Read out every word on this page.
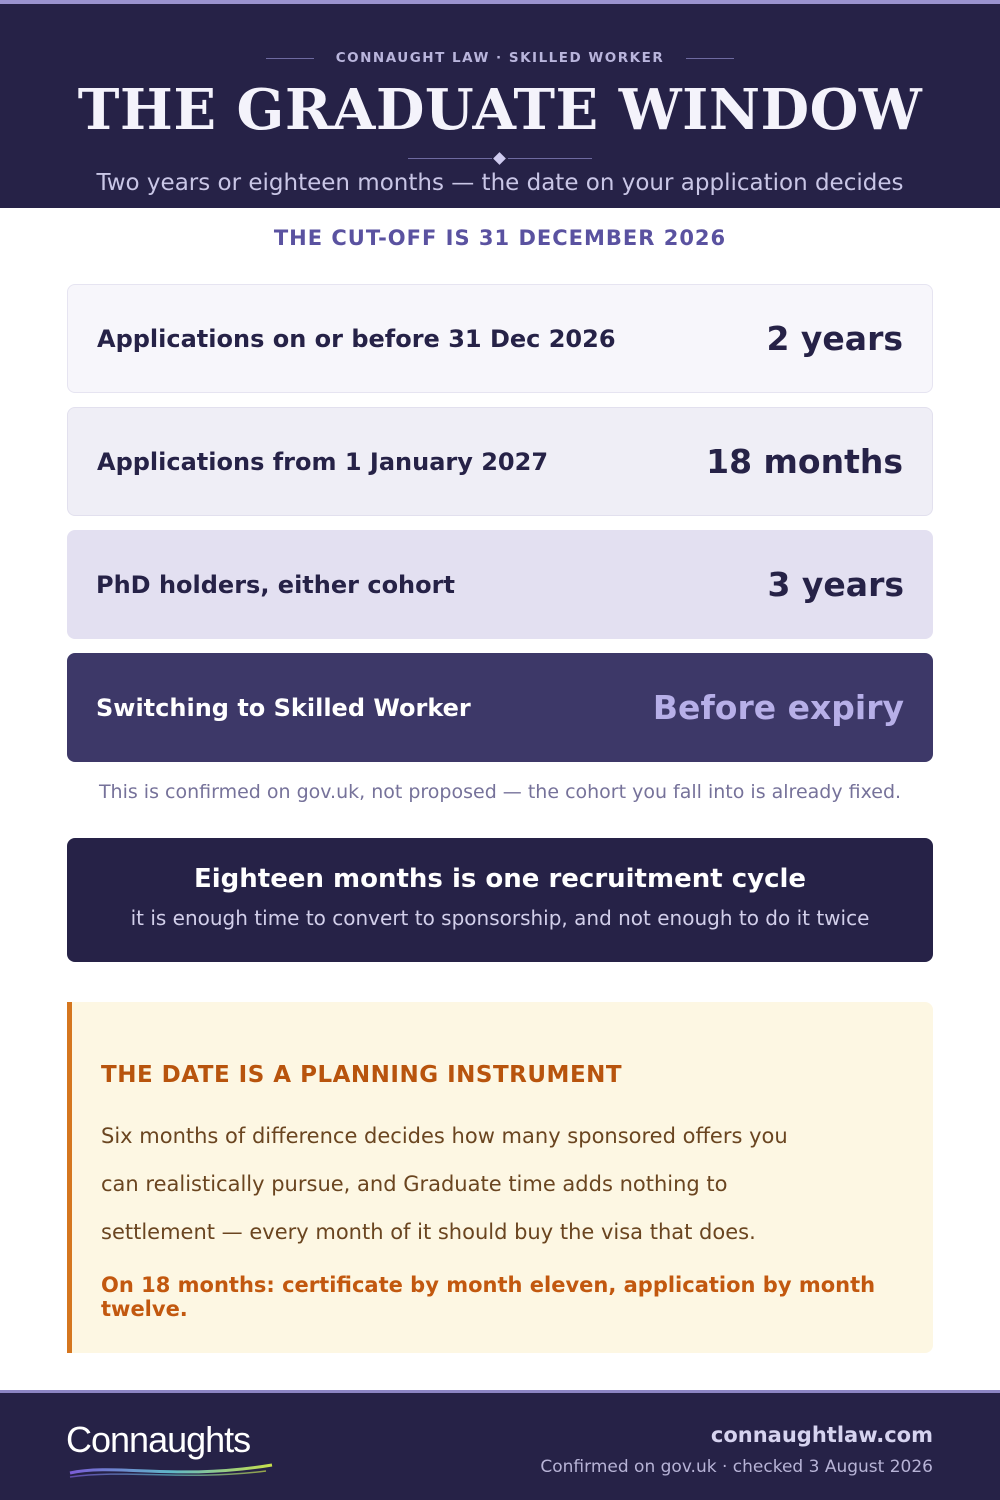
CONNAUGHT LAW · SKILLED WORKER
THE GRADUATE WINDOW
Two years or eighteen months — the date on your application decides
THE CUT-OFF IS 31 DECEMBER 2026
Applications on or before 31 Dec 2026	2 years
Applications from 1 January 2027	18 months
PhD holders, either cohort	3 years
Switching to Skilled Worker	Before expiry
This is confirmed on gov.uk, not proposed — the cohort you fall into is already fixed.
Eighteen months is one recruitment cycle
it is enough time to convert to sponsorship, and not enough to do it twice
THE DATE IS A PLANNING INSTRUMENT
Six months of difference decides how many sponsored offers you
can realistically pursue, and Graduate time adds nothing to
settlement — every month of it should buy the visa that does.
On 18 months: certificate by month eleven, application by month twelve.
Connaughts	connaughtlaw.com
Confirmed on gov.uk · checked 3 August 2026
